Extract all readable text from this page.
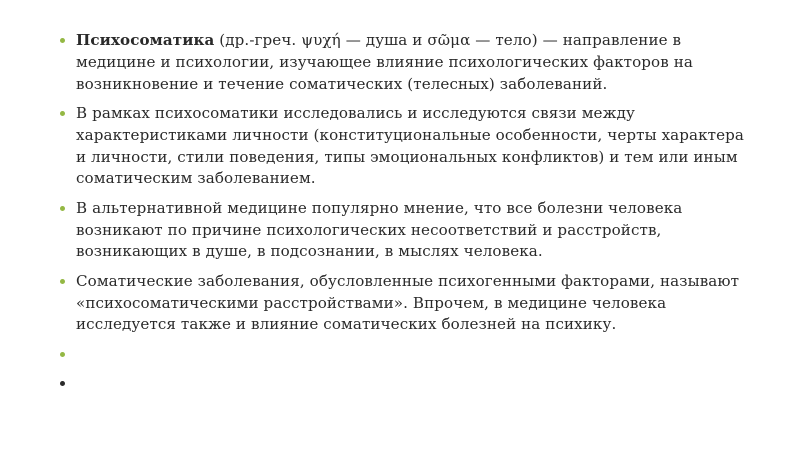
Психосоматика (др.-греч. ψυχή — душа и σῶμα — тело) — направление в медицине и психологии, изучающее влияние психологических факторов на возникновение и течение соматических (телесных) заболеваний.
В рамках психосоматики исследовались и исследуются связи между характеристиками личности (конституциональные особенности, черты характера и личности, стили поведения, типы эмоциональных конфликтов) и тем или иным соматическим заболеванием.
В альтернативной медицине популярно мнение, что все болезни человека возникают по причине психологических несоответствий и расстройств, возникающих в душе, в подсознании, в мыслях человека.
Соматические заболевания, обусловленные психогенными факторами, называют «психосоматическими расстройствами». Впрочем, в медицине человека исследуется также и влияние соматических болезней на психику.
